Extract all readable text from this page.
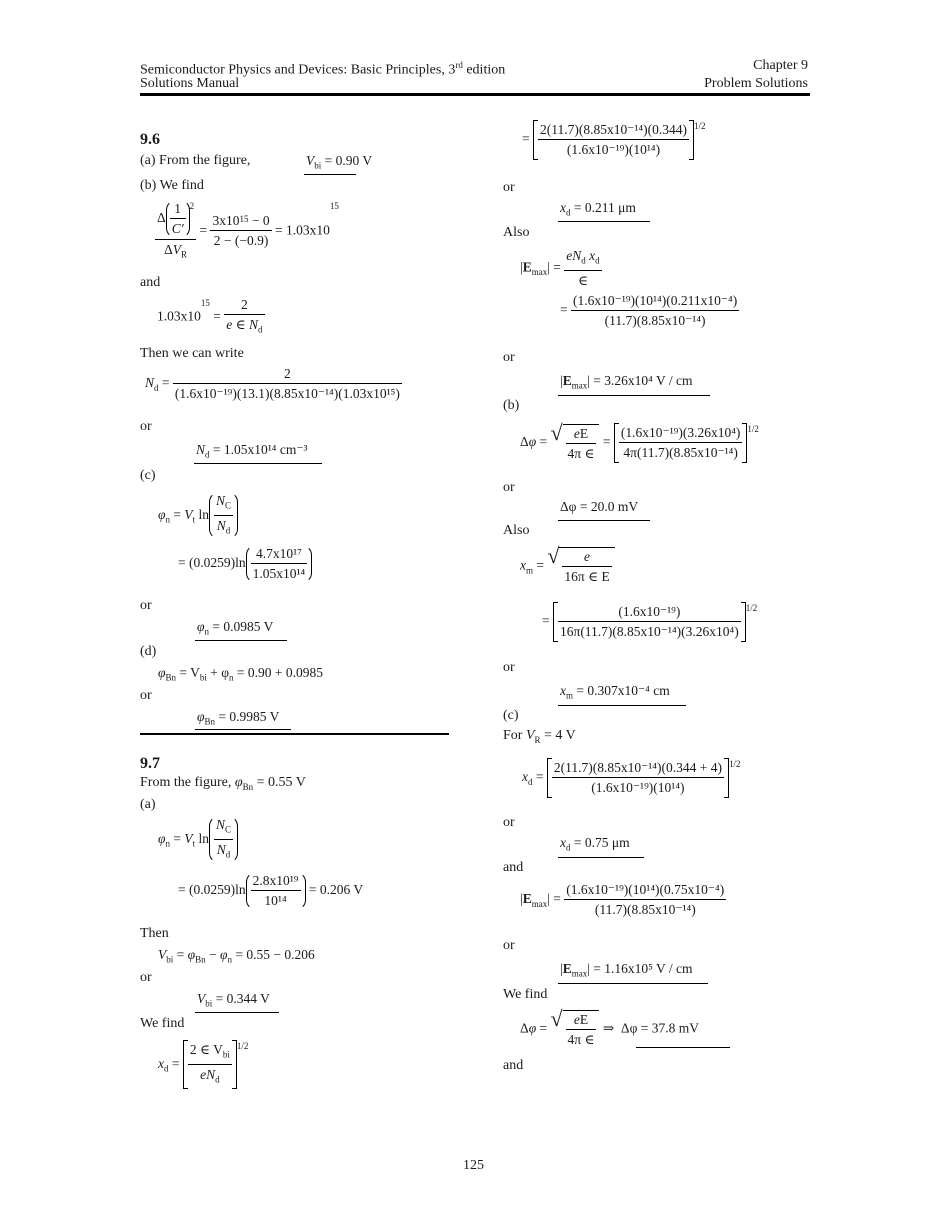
Semiconductor Physics and Devices: Basic Principles, 3rd edition
Solutions Manual
Chapter 9
Problem Solutions
9.6
(a) From the figure,	$V_{bi} = 0.90$ V
(b) We find
$\frac{\Delta \frac{1}{C'} ^2}{\Delta V_R} = \frac{3x10^{15} - 0}{2 - (-0.9)} = 1.03x10^{15}$
and
$1.03x10^{15} = \frac{2}{e \in N_d}$
Then we can write
$N_d = \frac{2}{\text{(1.6x10⁻¹⁹)(13.1)(8.85x10⁻¹⁴)(1.03x10¹⁵)}}$
or
$N_d = 1.05x10^{14}$ cm⁻³
(c)
$\varphi_n = V_t$ $\ln \frac{N_C}{N_d}$
= $(0.0259)\ln \frac{\text{4.7x10¹⁷}}{\text{1.05x10¹⁴}}$
or
$\varphi_n = 0.0985$ V
(d)
$\varphi_{Bn} = V_{bi} + \varphi_n = 0.90 + 0.0985$
or
$\varphi_{Bn} = 0.9985$ V
9.7
From the figure, $\varphi_{Bn} = 0.55$ V
(a)
$\varphi_n = V_t$ $\ln \frac{N_C}{N_d}$
= $(0.0259)\ln \frac{\text{2.8x10¹⁹}}{\text{10¹⁴}} = 0.206$ V
Then
$V_{bi} = \varphi_{Bn} - \varphi_n = 0.55 - 0.206$
or
$V_{bi} = 0.344$ V
We find
$x_d = \frac{2 \in V_{bi}}{eN_d} ^{1/2}$
= $\frac{\text{2(11.7)(8.85x10⁻¹⁴)(0.344)}}{\text{(1.6x10⁻¹⁹)(10¹⁴)}} ^{1/2}$
or
$x_d = 0.211$ μm
Also
$|E_{max}| = \frac{eN_d x_d}{\in}$
= $\frac{\text{(1.6x10⁻¹⁹)(10¹⁴)(0.211x10⁻⁴)}}{\text{(11.7)(8.85x10⁻¹⁴)}}$
or
$|E_{max}| = 3.26x10^4$ V / cm
(b)
Δφ = √ $\frac{eE}{4\pi \in} = \frac{\text{(1.6x10⁻¹⁹)(3.26x10⁴)}}{\text{4π(11.7)(8.85x10⁻¹⁴)}} ^{1/2}$
or
Δφ = 20.0 mV
Also
$x_m$ = √ $\frac{e}{16\pi \in E}$
= $\frac{\text{(1.6x10⁻¹⁹)}}{\text{16π(11.7)(8.85x10⁻¹⁴)(3.26x10⁴)}} ^{1/2}$
or
$x_m = 0.307x10^{-4}$ cm
(c)
For $V_R = 4$ V
$x_d = \frac{\text{2(11.7)(8.85x10⁻¹⁴)(0.344 + 4)}}{\text{(1.6x10⁻¹⁹)(10¹⁴)}} ^{1/2}$
or
$x_d = 0.75$ μm
and
$|E_{max}| = \frac{\text{(1.6x10⁻¹⁹)(10¹⁴)(0.75x10⁻⁴)}}{\text{(11.7)(8.85x10⁻¹⁴)}}$
or
$|E_{max}| = 1.16x10^5$ V / cm
We find
Δφ = √ $\frac{eE}{4\pi \in}$ ⇒ Δφ = 37.8 mV
and
125
